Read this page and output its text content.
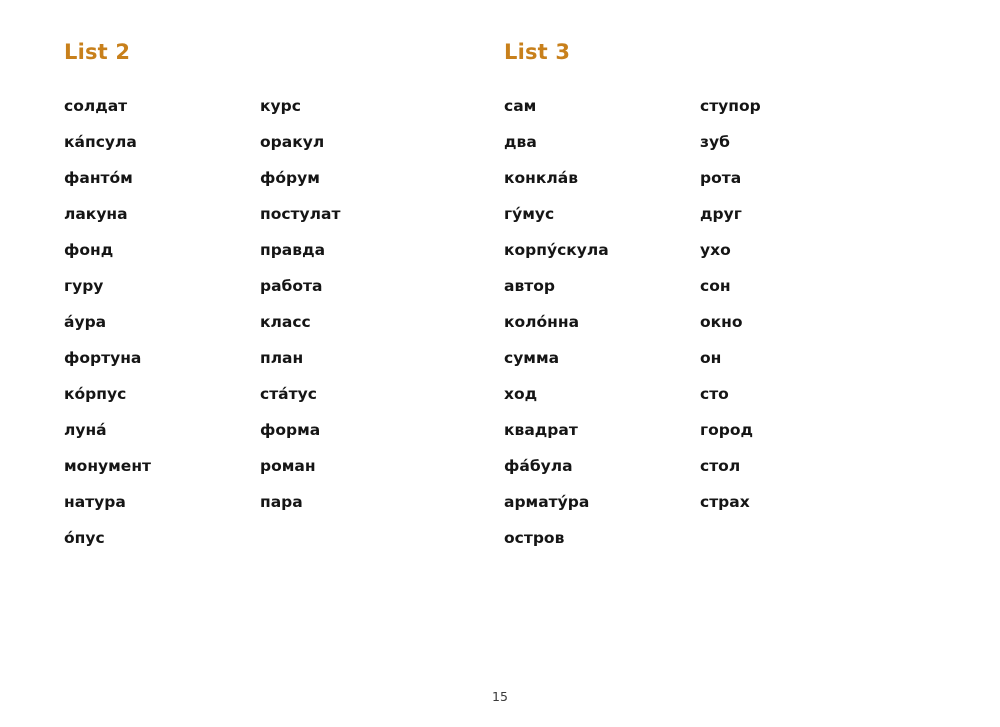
List 2
солдат
ка́псула
фанто́м
лакуна
фонд
гуру
а́ура
фортуна
ко́рпус
луна́
монумент
натура
о́пус
курс
оракул
фо́рум
постулат
правда
работа
класс
план
ста́тус
форма
роман
пара
List 3
сам
два
конкла́в
гу́мус
корпу́скула
автор
коло́нна
сумма
ход
квадрат
фа́була
армату́ра
остров
ступор
зуб
рота
друг
ухо
сон
окно
он
сто
город
стол
страх
15
